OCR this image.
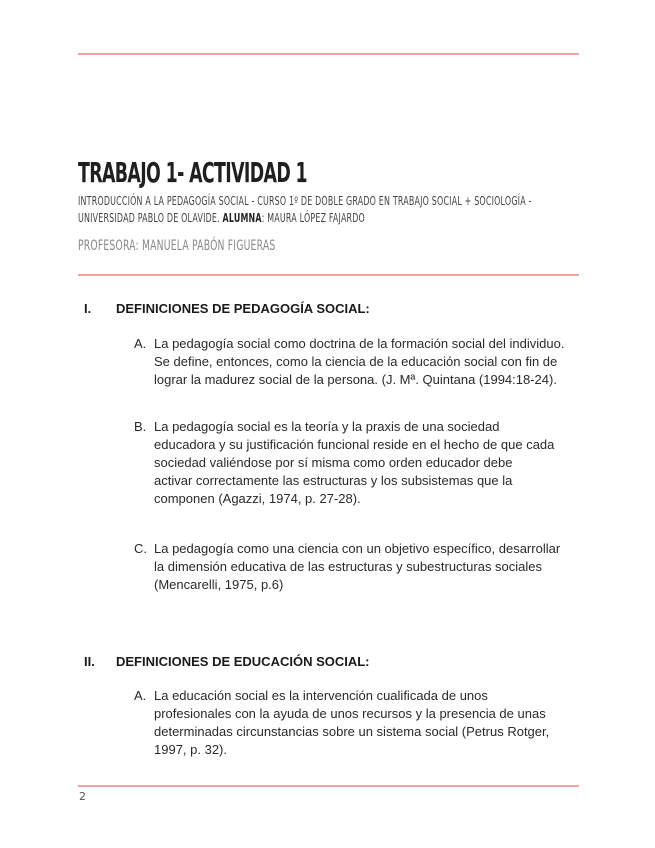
TRABAJO 1- ACTIVIDAD 1
INTRODUCCIÓN A LA PEDAGOGÍA SOCIAL - CURSO 1º DE DOBLE GRADO EN TRABAJO SOCIAL + SOCIOLOGÍA -
UNIVERSIDAD PABLO DE OLAVIDE. ALUMNA: MAURA LÓPEZ FAJARDO
PROFESORA: MANUELA PABÓN FIGUERAS
I. DEFINICIONES DE PEDAGOGÍA SOCIAL:
A. La pedagogía social como doctrina de la formación social del individuo.
Se define, entonces, como la ciencia de la educación social con fin de
lograr la madurez social de la persona. (J. Mª. Quintana (1994:18-24).
B. La pedagogía social es la teoría y la praxis de una sociedad
educadora y su justificación funcional reside en el hecho de que cada
sociedad valiéndose por sí misma como orden educador debe
activar correctamente las estructuras y los subsistemas que la
componen (Agazzi, 1974, p. 27-28).
C. La pedagogía como una ciencia con un objetivo específico, desarrollar
la dimensión educativa de las estructuras y subestructuras sociales
(Mencarelli, 1975, p.6)
II. DEFINICIONES DE EDUCACIÓN SOCIAL:
A. La educación social es la intervención cualificada de unos
profesionales con la ayuda de unos recursos y la presencia de unas
determinadas circunstancias sobre un sistema social (Petrus Rotger,
1997, p. 32).
2
